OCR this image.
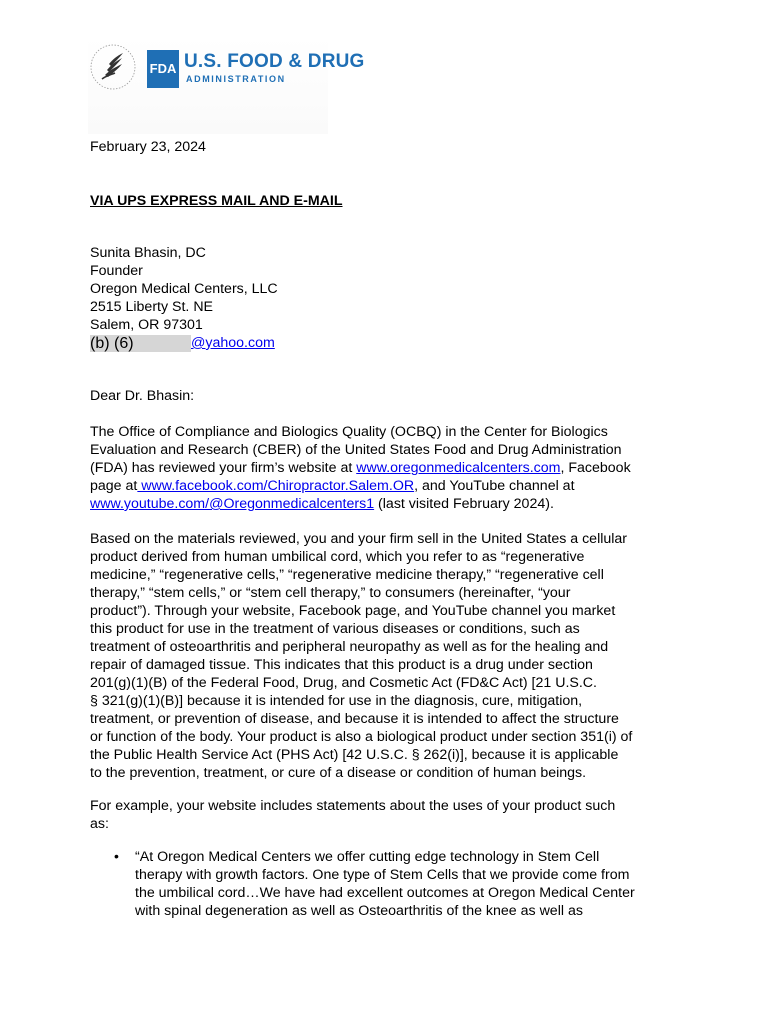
FDA U.S. FOOD & DRUG
ADMINISTRATION
February 23, 2024
VIA UPS EXPRESS MAIL AND E-MAIL
Sunita Bhasin, DC
Founder
Oregon Medical Centers, LLC
2515 Liberty St. NE
Salem, OR 97301
(b) (6)	@yahoo.com
Dear Dr. Bhasin:
The Office of Compliance and Biologics Quality (OCBQ) in the Center for Biologics
Evaluation and Research (CBER) of the United States Food and Drug Administration
(FDA) has reviewed your firm’s website at www.oregonmedicalcenters.com, Facebook
page at www.facebook.com/Chiropractor.Salem.OR, and YouTube channel at
www.youtube.com/@Oregonmedicalcenters1 (last visited February 2024).
Based on the materials reviewed, you and your firm sell in the United States a cellular
product derived from human umbilical cord, which you refer to as “regenerative
medicine,” “regenerative cells,” “regenerative medicine therapy,” “regenerative cell
therapy,” “stem cells,” or “stem cell therapy,” to consumers (hereinafter, “your
product”). Through your website, Facebook page, and YouTube channel you market
this product for use in the treatment of various diseases or conditions, such as
treatment of osteoarthritis and peripheral neuropathy as well as for the healing and
repair of damaged tissue. This indicates that this product is a drug under section
201(g)(1)(B) of the Federal Food, Drug, and Cosmetic Act (FD&C Act) [21 U.S.C.
§ 321(g)(1)(B)] because it is intended for use in the diagnosis, cure, mitigation,
treatment, or prevention of disease, and because it is intended to affect the structure
or function of the body. Your product is also a biological product under section 351(i) of
the Public Health Service Act (PHS Act) [42 U.S.C. § 262(i)], because it is applicable
to the prevention, treatment, or cure of a disease or condition of human beings.
For example, your website includes statements about the uses of your product such
as:
• “At Oregon Medical Centers we offer cutting edge technology in Stem Cell
therapy with growth factors. One type of Stem Cells that we provide come from
the umbilical cord…We have had excellent outcomes at Oregon Medical Center
with spinal degeneration as well as Osteoarthritis of the knee as well as
